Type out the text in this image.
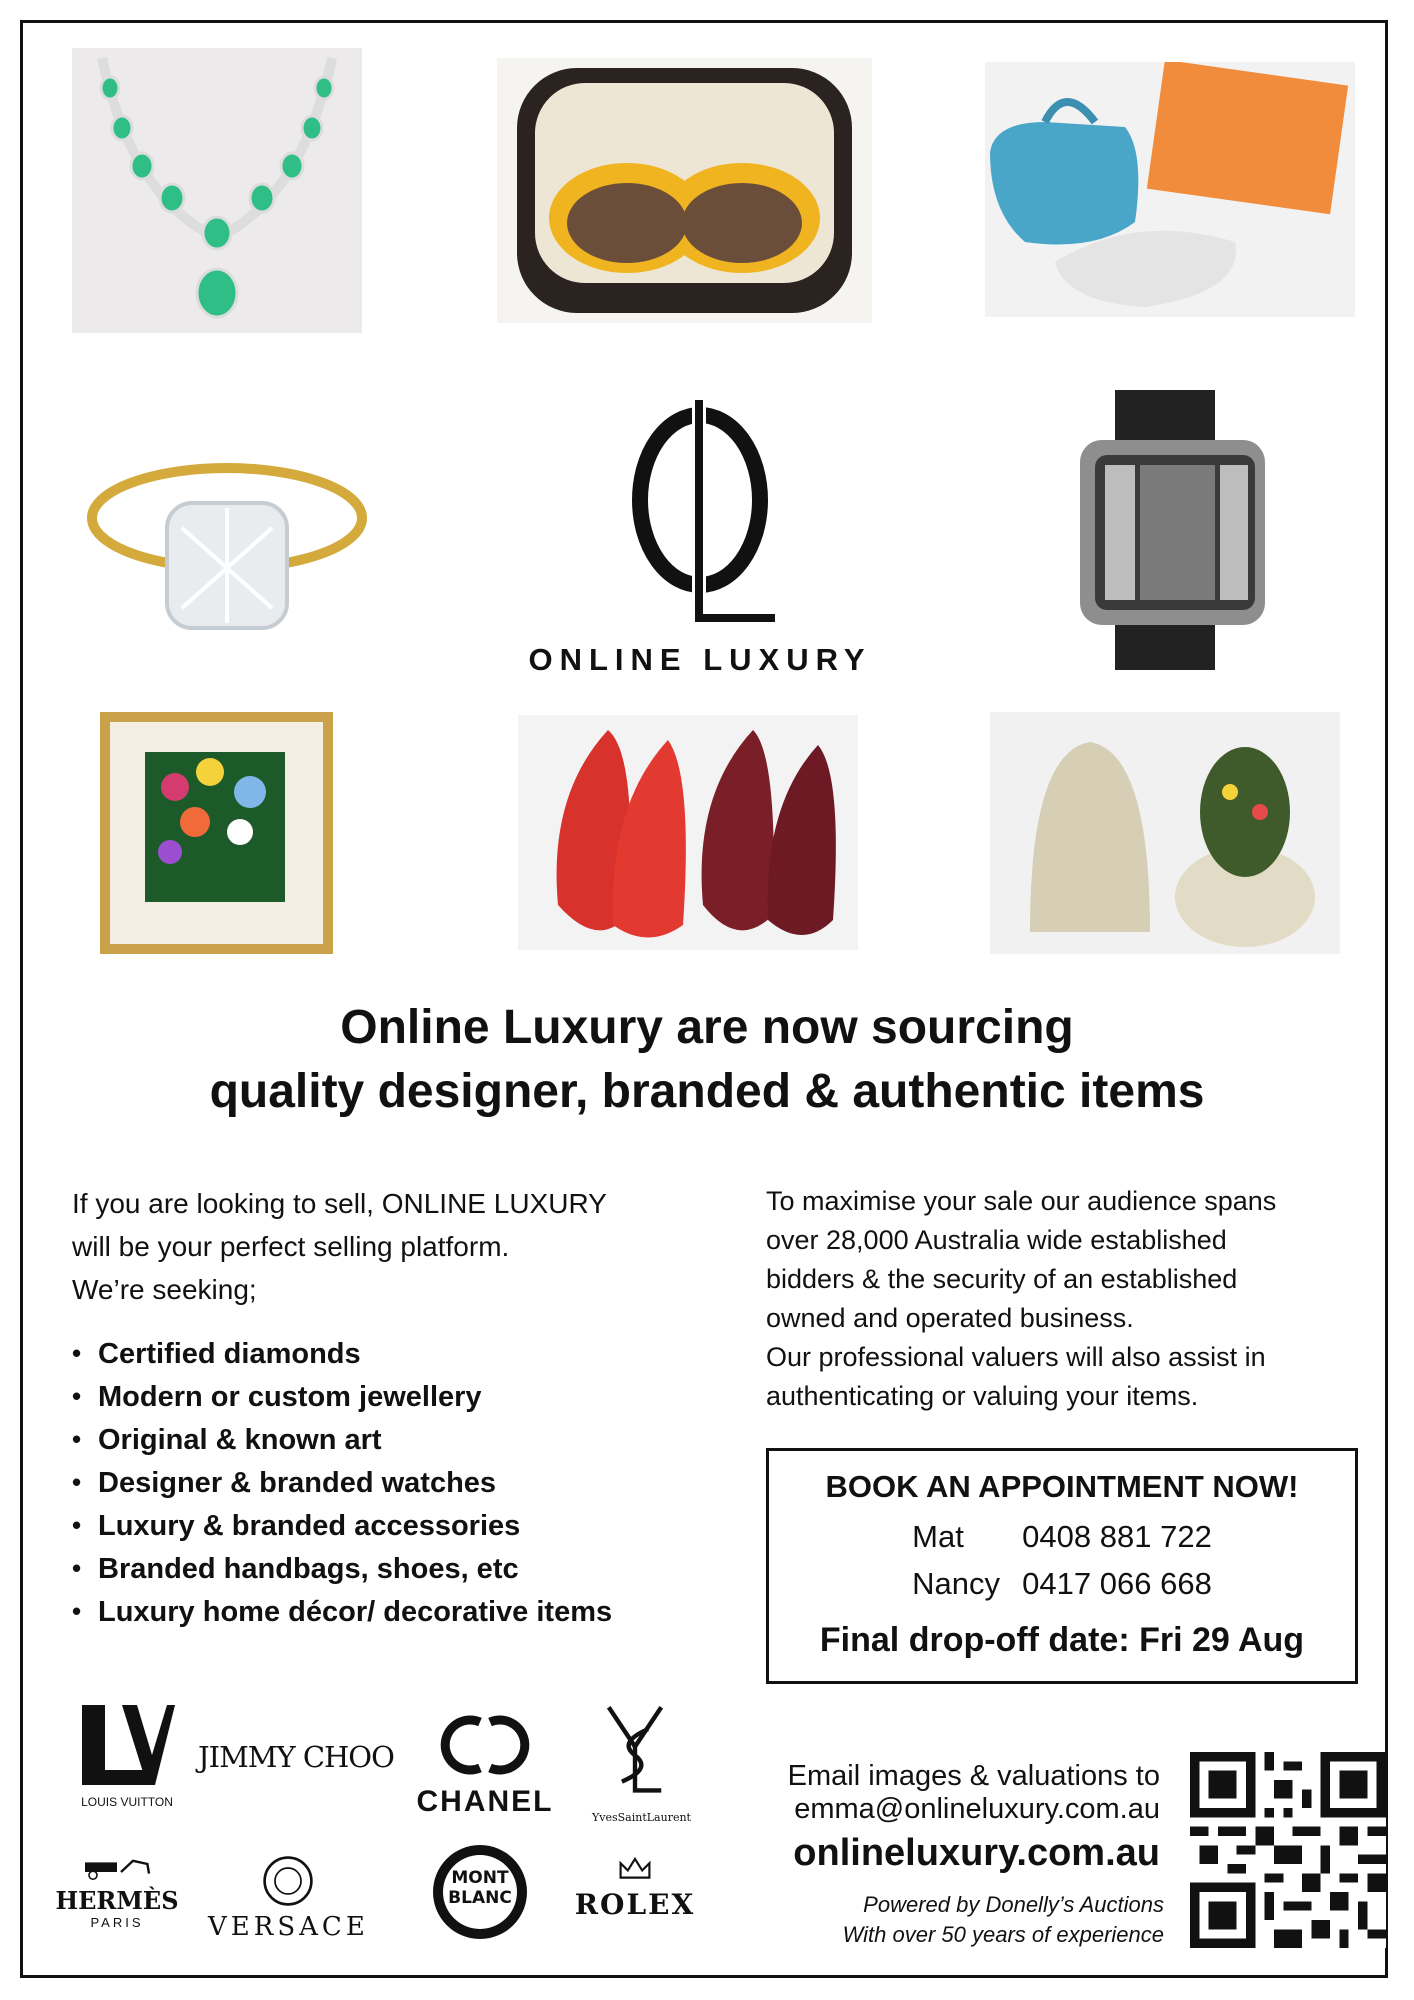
ONLINE LUXURY
Online Luxury are now sourcing
quality designer, branded & authentic items

If you are looking to sell, ONLINE LUXURY

will be your perfect selling platform.

We’re seeking;

• Certified diamonds
• Modern or custom jewellery
• Original & known art
• Designer & branded watches
• Luxury & branded accessories
• Branded handbags, shoes, etc
• Luxury home décor/ decorative items

To maximise your sale our audience spans

over 28,000 Australia wide established

bidders & the security of an established

owned and operated business.

Our professional valuers will also assist in

authenticating or valuing your items.

BOOK AN APPOINTMENT NOW!
Mat 0408 881 722
Nancy 0417 066 668
Final drop-off date: Fri 29 Aug
LOUIS VUITTON
JIMMY CHOO
CHANEL	YvesSaintLaurent
HERMÈS
PARIS	VERSACE
MONT
BLANC	ROLEX
Email images & valuations to
emma@onlineluxury.com.au
onlineluxury.com.au
Powered by Donelly’s Auctions
With over 50 years of experience
